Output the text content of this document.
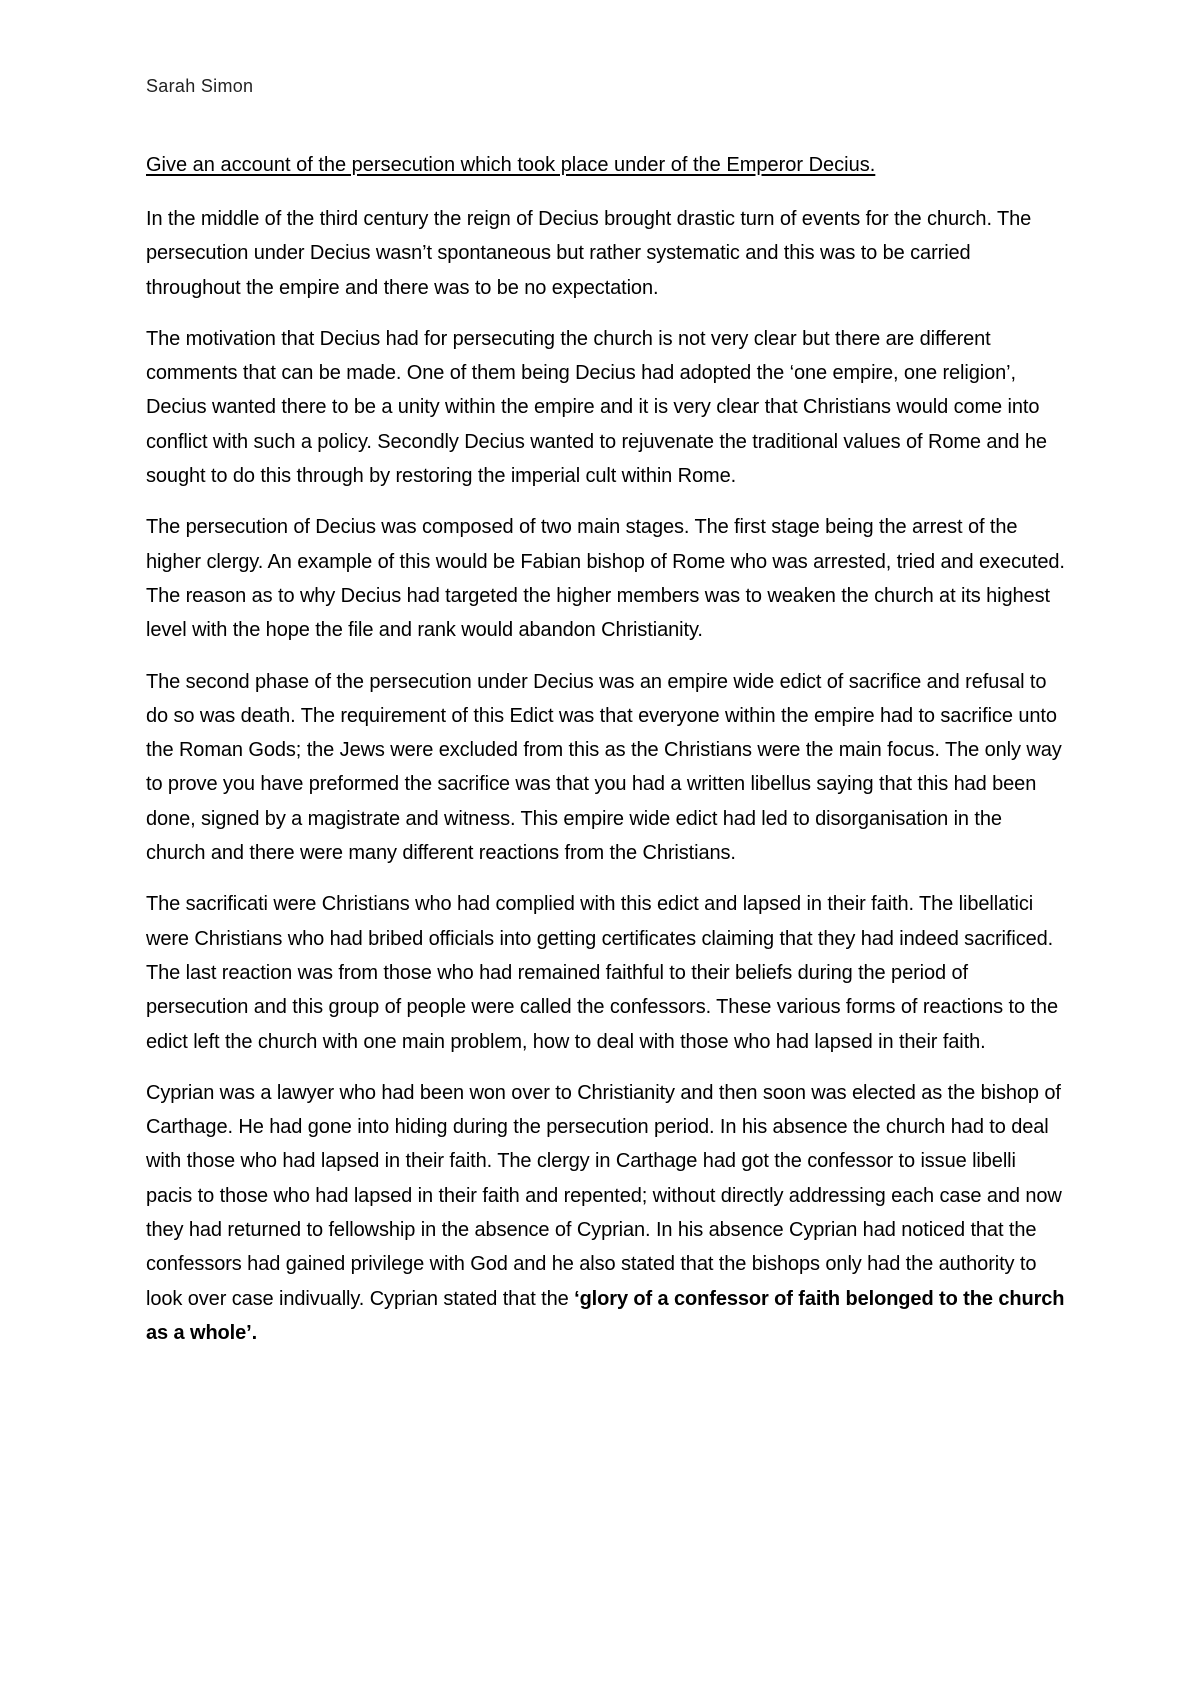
Sarah Simon
Give an account of the persecution which took place under of the Emperor Decius.

In the middle of the third century the reign of Decius brought drastic turn of events for the church. The persecution under Decius wasn’t spontaneous but rather systematic and this was to be carried throughout the empire and there was to be no expectation.

The motivation that Decius had for persecuting the church is not very clear but there are different comments that can be made. One of them being Decius had adopted the ‘one empire, one religion’, Decius wanted there to be a unity within the empire and it is very clear that Christians would come into conflict with such a policy. Secondly Decius wanted to rejuvenate the traditional values of Rome and he sought to do this through by restoring the imperial cult within Rome.

The persecution of Decius was composed of two main stages. The first stage being the arrest of the higher clergy. An example of this would be Fabian bishop of Rome who was arrested, tried and executed. The reason as to why Decius had targeted the higher members was to weaken the church at its highest level with the hope the file and rank would abandon Christianity.

The second phase of the persecution under Decius was an empire wide edict of sacrifice and refusal to do so was death. The requirement of this Edict was that everyone within the empire had to sacrifice unto the Roman Gods; the Jews were excluded from this as the Christians were the main focus. The only way to prove you have preformed the sacrifice was that you had a written libellus saying that this had been done, signed by a magistrate and witness. This empire wide edict had led to disorganisation in the church and there were many different reactions from the Christians.

The sacrificati were Christians who had complied with this edict and lapsed in their faith. The libellatici were Christians who had bribed officials into getting certificates claiming that they had indeed sacrificed. The last reaction was from those who had remained faithful to their beliefs during the period of persecution and this group of people were called the confessors. These various forms of reactions to the edict left the church with one main problem, how to deal with those who had lapsed in their faith.

Cyprian was a lawyer who had been won over to Christianity and then soon was elected as the bishop of Carthage. He had gone into hiding during the persecution period. In his absence the church had to deal with those who had lapsed in their faith. The clergy in Carthage had got the confessor to issue libelli pacis to those who had lapsed in their faith and repented; without directly addressing each case and now they had returned to fellowship in the absence of Cyprian. In his absence Cyprian had noticed that the confessors had gained privilege with God and he also stated that the bishops only had the authority to look over case indivually. Cyprian stated that the ‘glory of a confessor of faith belonged to the church as a whole’.
